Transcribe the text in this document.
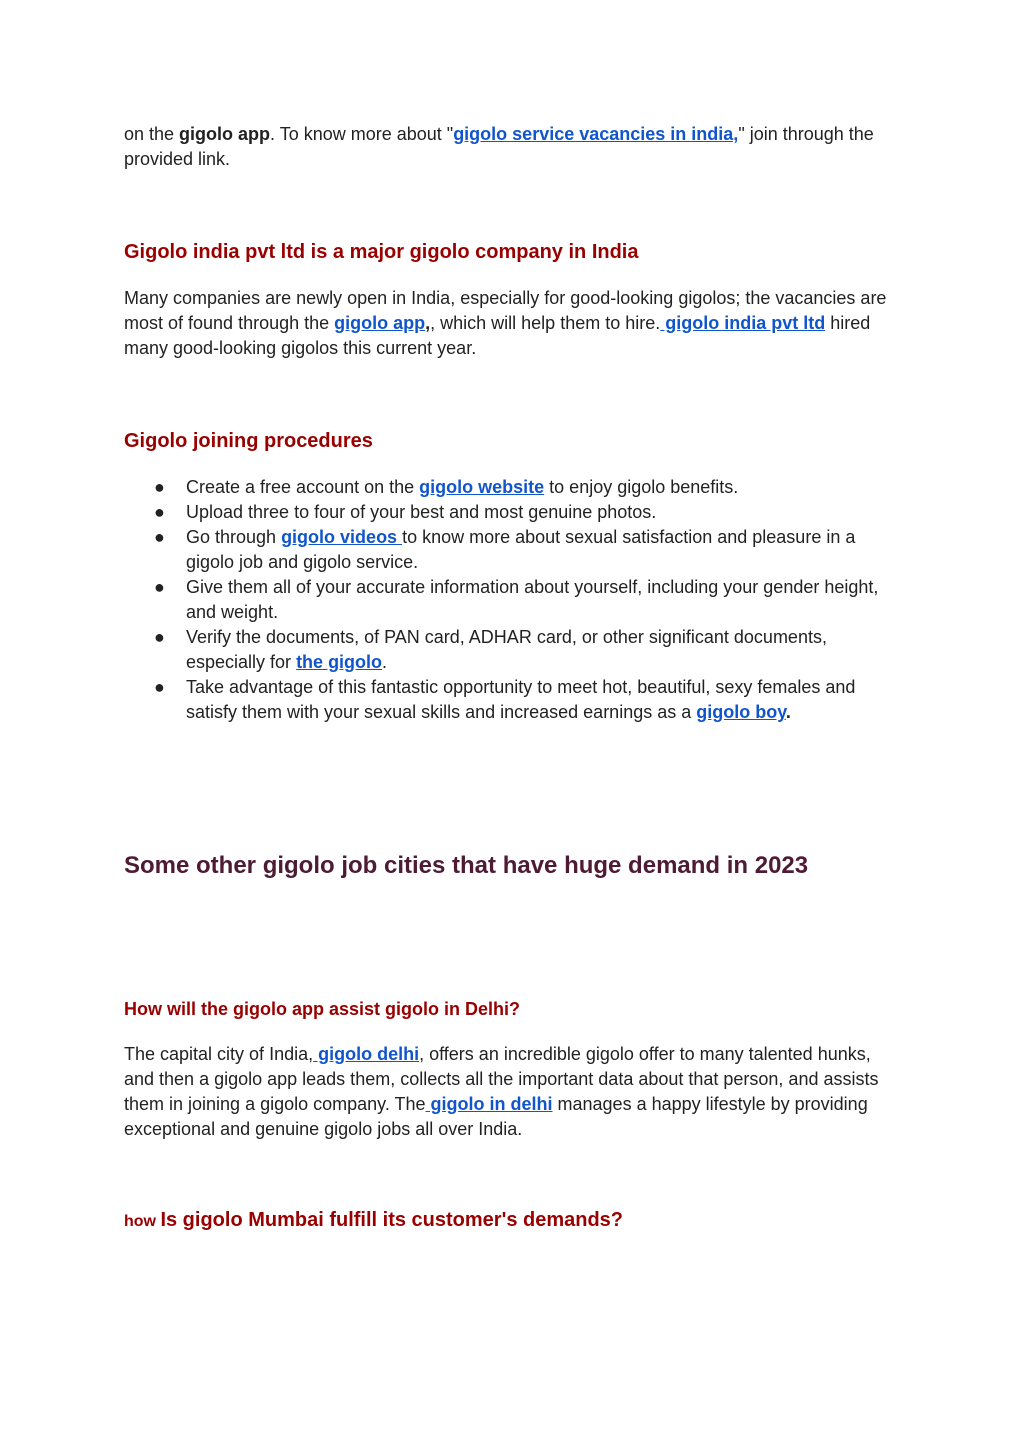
on the gigolo app. To know more about "gigolo service vacancies in india," join through the provided link.

Gigolo india pvt ltd is a major gigolo company in India

Many companies are newly open in India, especially for good-looking gigolos; the vacancies are most of found through the gigolo app,, which will help them to hire. gigolo india pvt ltd hired many good-looking gigolos this current year.

Gigolo joining procedures
● Create a free account on the gigolo website to enjoy gigolo benefits.
● Upload three to four of your best and most genuine photos.
● Go through gigolo videos to know more about sexual satisfaction and pleasure in a gigolo job and gigolo service.
● Give them all of your accurate information about yourself, including your gender height, and weight.
● Verify the documents, of PAN card, ADHAR card, or other significant documents, especially for the gigolo.
● Take advantage of this fantastic opportunity to meet hot, beautiful, sexy females and satisfy them with your sexual skills and increased earnings as a gigolo boy.
Some other gigolo job cities that have huge demand in 2023
How will the gigolo app assist gigolo in Delhi?

The capital city of India, gigolo delhi, offers an incredible gigolo offer to many talented hunks, and then a gigolo app leads them, collects all the important data about that person, and assists them in joining a gigolo company. The gigolo in delhi manages a happy lifestyle by providing exceptional and genuine gigolo jobs all over India.

how Is gigolo Mumbai fulfill its customer's demands?
